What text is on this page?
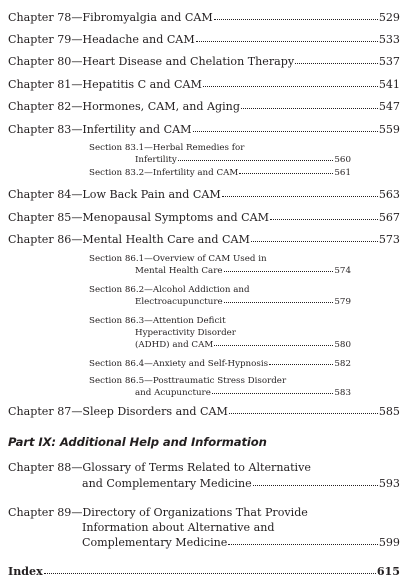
Chapter 78—Fibromyalgia and CAM	529
Chapter 79—Headache and CAM	533
Chapter 80—Heart Disease and Chelation Therapy	537
Chapter 81—Hepatitis C and CAM	541
Chapter 82—Hormones, CAM, and Aging	547
Chapter 83—Infertility and CAM	559
Section 83.1—Herbal Remedies for
Infertility	560
Section 83.2—Infertility and CAM	561
Chapter 84—Low Back Pain and CAM	563
Chapter 85—Menopausal Symptoms and CAM	567
Chapter 86—Mental Health Care and CAM	573
Section 86.1—Overview of CAM Used in
Mental Health Care	574
Section 86.2—Alcohol Addiction and
Electroacupuncture	579
Section 86.3—Attention Deficit
Hyperactivity Disorder
(ADHD) and CAM	580
Section 86.4—Anxiety and Self-Hypnosis	582
Section 86.5—Posttraumatic Stress Disorder
and Acupuncture	583
Chapter 87—Sleep Disorders and CAM	585
Part IX: Additional Help and Information
Chapter 88—Glossary of Terms Related to Alternative
and Complementary Medicine	593
Chapter 89—Directory of Organizations That Provide
Information about Alternative and
Complementary Medicine	599
Index	615
